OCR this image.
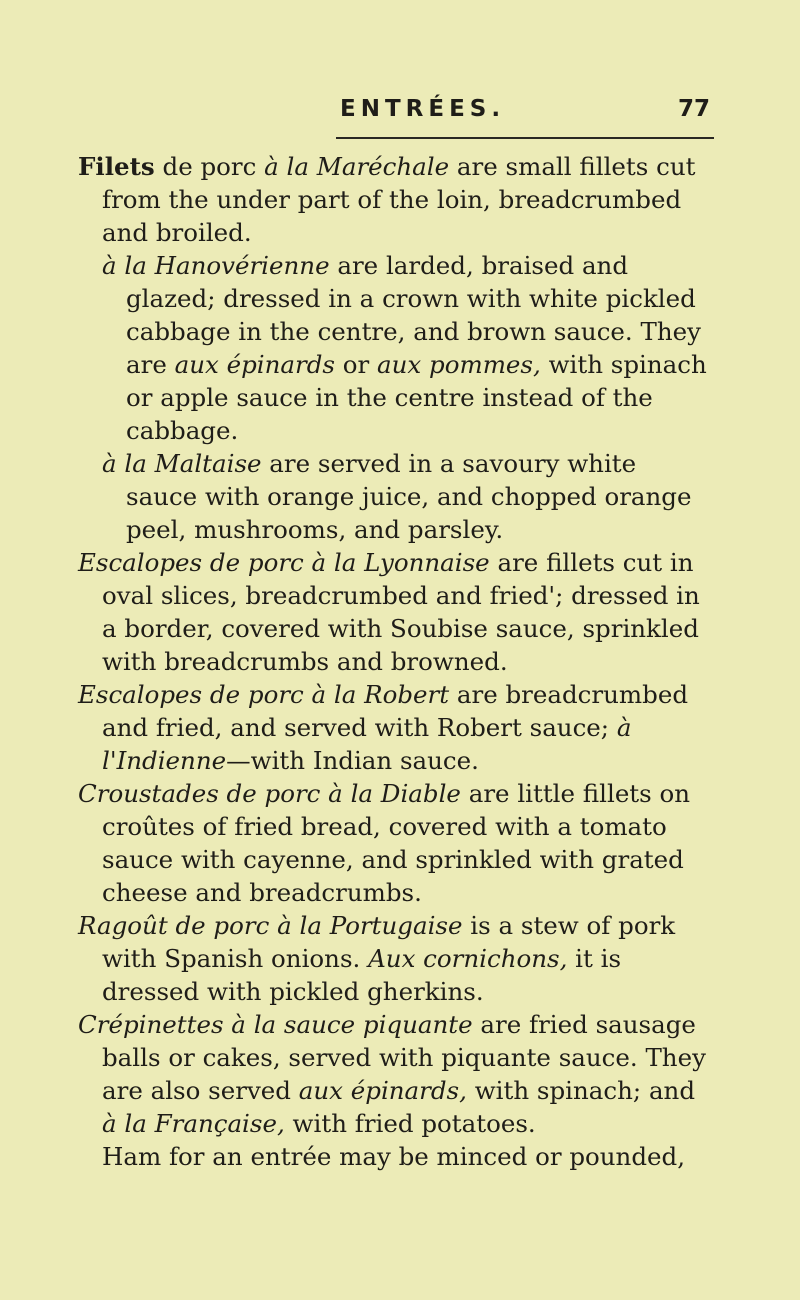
ENTRÉES.	77

Filets de porc à la Maréchale are small fillets cut from the under part of the loin, breadcrumbed and broiled.

à la Hanovérienne are larded, braised and glazed; dressed in a crown with white pickled cabbage in the centre, and brown sauce. They are aux épinards or aux pommes, with spinach or apple sauce in the centre instead of the cabbage.

à la Maltaise are served in a savoury white sauce with orange juice, and chopped orange peel, mushrooms, and parsley.

Escalopes de porc à la Lyonnaise are fillets cut in oval slices, breadcrumbed and fried'; dressed in a border, covered with Soubise sauce, sprinkled with breadcrumbs and browned.

Escalopes de porc à la Robert are breadcrumbed and fried, and served with Robert sauce; à l'Indienne—with Indian sauce.

Croustades de porc à la Diable are little fillets on croûtes of fried bread, covered with a tomato sauce with cayenne, and sprinkled with grated cheese and breadcrumbs.

Ragoût de porc à la Portugaise is a stew of pork with Spanish onions. Aux cornichons, it is dressed with pickled gherkins.

Crépinettes à la sauce piquante are fried sausage balls or cakes, served with piquante sauce. They are also served aux épinards, with spinach; and à la Française, with fried potatoes.

Ham for an entrée may be minced or pounded,
